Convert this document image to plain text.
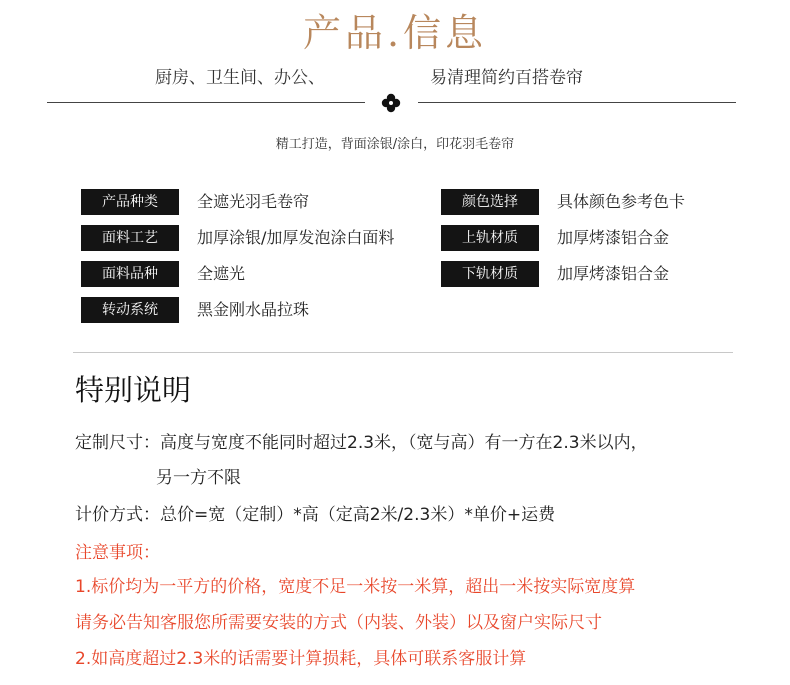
产品.信息
厨房、卫生间、办公、	易清理简约百搭卷帘
精工打造，背面涂银/涂白，印花羽毛卷帘
产品种类	全遮光羽毛卷帘
面料工艺	加厚涂银/加厚发泡涂白面料
面料品种	全遮光
转动系统	黑金刚水晶拉珠
颜色选择	具体颜色参考色卡
上轨材质	加厚烤漆铝合金
下轨材质	加厚烤漆铝合金
特别说明
定制尺寸：高度与宽度不能同时超过2.3米，（宽与高）有一方在2.3米以内，
另一方不限
计价方式：总价=宽（定制）*高（定高2米/2.3米）*单价+运费
注意事项：
1.标价均为一平方的价格，宽度不足一米按一米算，超出一米按实际宽度算
请务必告知客服您所需要安装的方式（内装、外装）以及窗户实际尺寸
2.如高度超过2.3米的话需要计算损耗，具体可联系客服计算
